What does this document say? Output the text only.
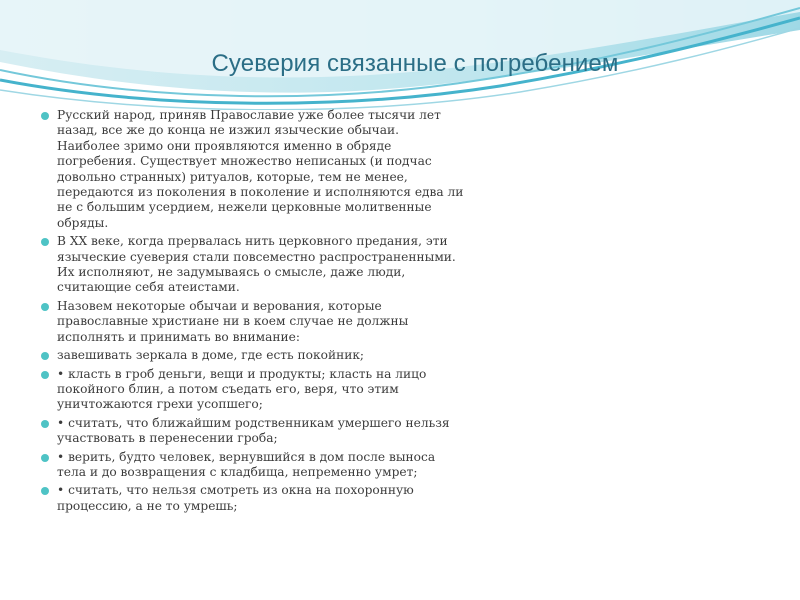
Суеверия связанные с погребением
Русский народ, приняв Православие уже более тысячи лет назад, все же до конца не изжил языческие обычаи. Наиболее зримо они проявляются именно в обряде погребения. Существует множество неписаных (и подчас довольно странных) ритуалов, которые, тем не менее, передаются из поколения в поколение и исполняются едва ли не с большим усердием, нежели церковные молитвенные обряды.
В XX веке, когда прервалась нить церковного предания, эти языческие суеверия стали повсеместно распространенными. Их исполняют, не задумываясь о смысле, даже люди, считающие себя атеистами.
Назовем некоторые обычаи и верования, которые православные христиане ни в коем случае не должны исполнять и принимать во внимание:
завешивать зеркала в доме, где есть покойник;
• класть в гроб деньги, вещи и продукты; класть на лицо покойного блин, а потом съедать его, веря, что этим уничтожаются грехи усопшего;
• считать, что ближайшим родственникам умершего нельзя участвовать в перенесении гроба;
• верить, будто человек, вернувшийся в дом после выноса тела и до возвращения с кладбища, непременно умрет;
• считать, что нельзя смотреть из окна на похоронную процессию, а не то умрешь;
